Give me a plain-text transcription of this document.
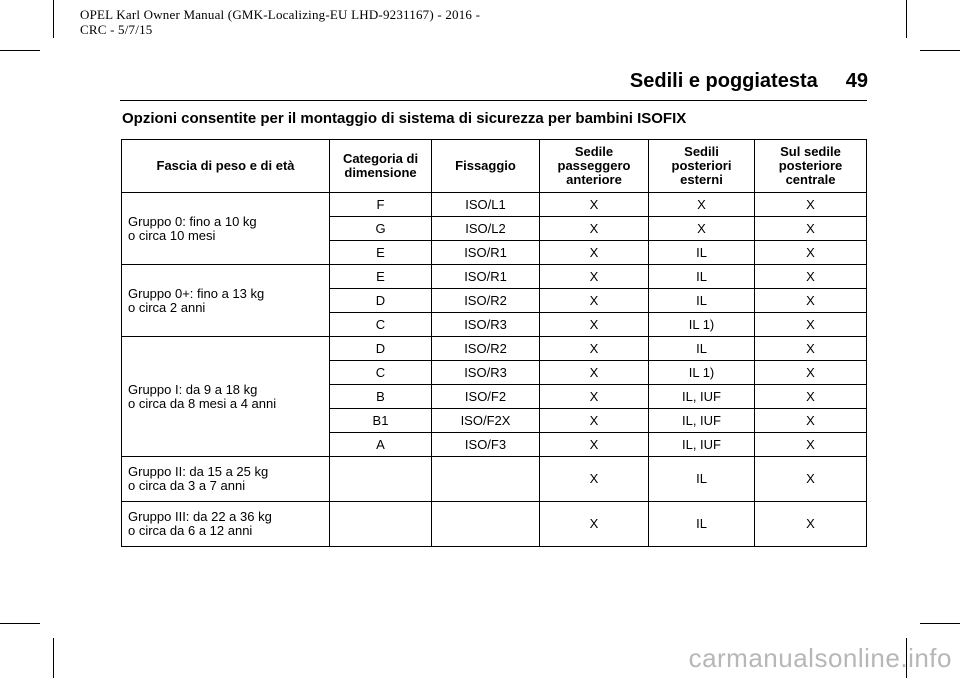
OPEL Karl Owner Manual (GMK-Localizing-EU LHD-9231167) - 2016 -
CRC - 5/7/15
Sedili e poggiatesta 49
Opzioni consentite per il montaggio di sistema di sicurezza per bambini ISOFIX
Fascia di peso e di età	Categoria di dimensione	Fissaggio	Sedile passeggero anteriore	Sedili posteriori esterni	Sul sedile posteriore centrale
Gruppo 0: fino a 10 kg
o circa 10 mesi	F	ISO/L1	X	X	X
	G	ISO/L2	X	X	X
	E	ISO/R1	X	IL	X
Gruppo 0+: fino a 13 kg
o circa 2 anni	E	ISO/R1	X	IL	X
	D	ISO/R2	X	IL	X
	C	ISO/R3	X	IL 1)	X
Gruppo I: da 9 a 18 kg
o circa da 8 mesi a 4 anni	D	ISO/R2	X	IL	X
	C	ISO/R3	X	IL 1)	X
	B	ISO/F2	X	IL, IUF	X
	B1	ISO/F2X	X	IL, IUF	X
	A	ISO/F3	X	IL, IUF	X
Gruppo II: da 15 a 25 kg
o circa da 3 a 7 anni			X	IL	X
Gruppo III: da 22 a 36 kg
o circa da 6 a 12 anni			X	IL	X
carmanualsonline.info
